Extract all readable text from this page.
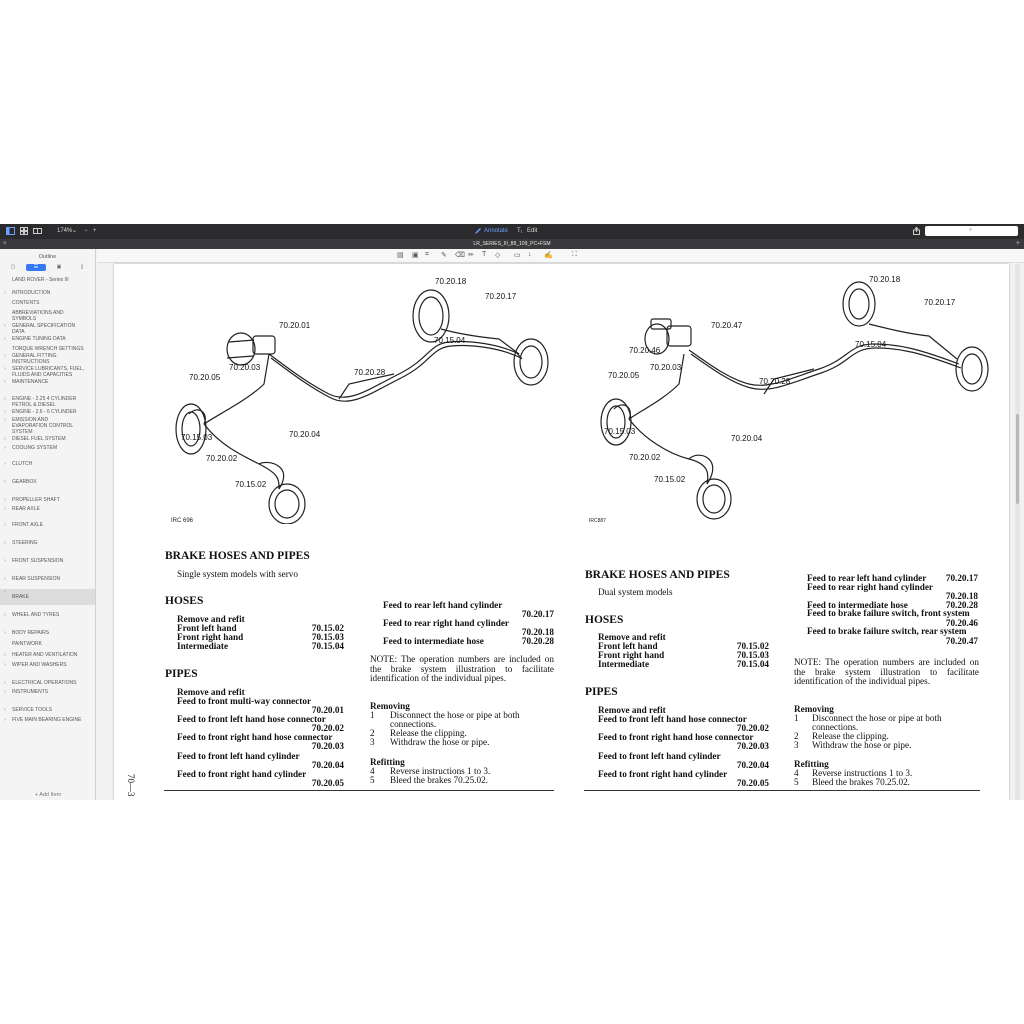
174% ⌄ − +	Annotate T₁ Edit	⌕
×	LR_SERIES_III_88_109_PC+FSM	+
Outline
▢	☰	▣	▯
LAND ROVER - Series III
› INTRODUCTION
CONTENTS
ABBREVIATIONS AND SYMBOLS
› GENERAL SPECIFICATION DATA
› ENGINE TUNING DATA
TORQUE WRENCH SETTINGS
› GENERAL FITTING INSTRUCTIONS
› SERVICE LUBRICANTS, FUEL, FLUIDS AND CAPACITIES
› MAINTENANCE
› ENGINE - 2.25 4 CYLINDER PETROL & DIESEL
› ENGINE - 2.6 - 6 CYLINDER
› EMISSION AND EVAPORATION CONTROL SYSTEM
› DIESEL FUEL SYSTEM
› COOLING SYSTEM
› CLUTCH
› GEARBOX
› PROPELLER SHAFT
› REAR AXLE
› FRONT AXLE
› STEERING
› FRONT SUSPENSION
› REAR SUSPENSION
› BRAKE
› WHEEL AND TYRES
› BODY REPAIRS
PAINTWORK
› HEATER AND VENTILATION
› WIPER AND WASHERS
› ELECTRICAL OPERATIONS
› INSTRUMENTS
› SERVICE TOOLS
› FIVE MAIN BEARING ENGINE
+ Add Item
▤ ▣ ⌗ ✎ ⌫ ✏ T ◇ ▭ ↓ ✍	⛶
IRC 696
70.20.18
70.20.17
70.20.01
70.15.04
70.20.03
70.20.28
70.20.05
70.20.04
70.15.03
70.20.02
70.15.02
IRC887
70.20.18
70.20.17
70.20.47
70.20.46
70.15.04
70.20.03
70.20.28
70.20.05
70.15.03
70.20.04
70.20.02
70.15.02
BRAKE HOSES AND PIPES
Single system models with servo
HOSES
Remove and refit
Front left hand	70.15.02
Front right hand	70.15.03
Intermediate	70.15.04
PIPES
Remove and refit
Feed to front multi-way connector
70.20.01
Feed to front left hand hose connector
70.20.02
Feed to front right hand hose connector
70.20.03
Feed to front left hand cylinder
70.20.04
Feed to front right hand cylinder
70.20.05
70—3
Feed to rear left hand cylinder
70.20.17
Feed to rear right hand cylinder
70.20.18
Feed to intermediate hose	70.20.28
NOTE: The operation numbers are included on the brake system illustration to facilitate identification of the individual pipes.
Removing
1 Disconnect the hose or pipe at both
connections.
2 Release the clipping.
3 Withdraw the hose or pipe.
Refitting
4 Reverse instructions 1 to 3.
5 Bleed the brakes 70.25.02.
BRAKE HOSES AND PIPES
Dual system models
HOSES
Remove and refit
Front left hand	70.15.02
Front right hand	70.15.03
Intermediate	70.15.04
PIPES
Remove and refit
Feed to front left hand hose connector
70.20.02
Feed to front right hand hose connector
70.20.03
Feed to front left hand cylinder
70.20.04
Feed to front right hand cylinder
70.20.05
Feed to rear left hand cylinder	70.20.17
Feed to rear right hand cylinder
70.20.18
Feed to intermediate hose	70.20.28
Feed to brake failure switch, front system
70.20.46
Feed to brake failure switch, rear system
70.20.47
NOTE: The operation numbers are included on the brake system illustration to facilitate identification of the individual pipes.
Removing
1 Disconnect the hose or pipe at both
connections.
2 Release the clipping.
3 Withdraw the hose or pipe.
Refitting
4 Reverse instructions 1 to 3.
5 Bleed the brakes 70.25.02.
